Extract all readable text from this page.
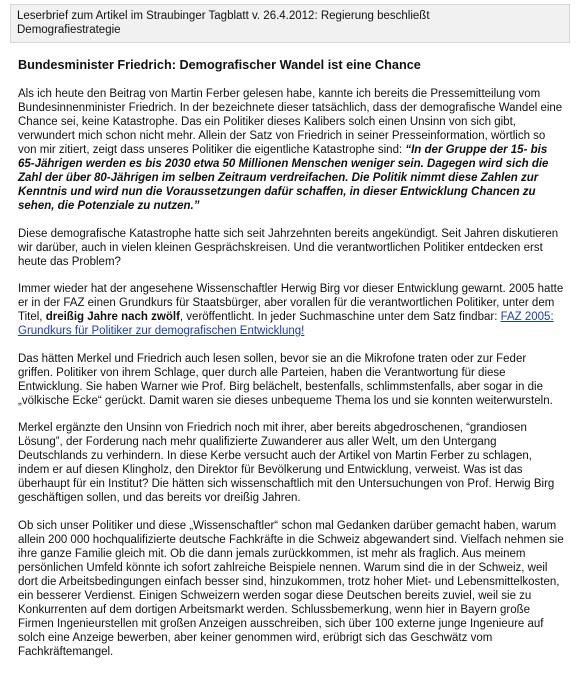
Leserbrief zum Artikel im Straubinger Tagblatt v. 26.4.2012: Regierung beschließt

Demografiestrategie

Bundesminister Friedrich: Demografischer Wandel ist eine Chance

Als ich heute den Beitrag von Martin Ferber gelesen habe, kannte ich bereits die Pressemitteilung vom Bundesinnenminister Friedrich. In der bezeichnete dieser tatsächlich, dass der demografische Wandel eine Chance sei, keine Katastrophe. Das ein Politiker dieses Kalibers solch einen Unsinn von sich gibt, verwundert mich schon nicht mehr. Allein der Satz von Friedrich in seiner Presseinformation, wörtlich so von mir zitiert, zeigt dass unseres Politiker die eigentliche Katastrophe sind: “In der Gruppe der 15- bis 65-Jährigen werden es bis 2030 etwa 50 Millionen Menschen weniger sein. Dagegen wird sich die Zahl der über 80-Jährigen im selben Zeitraum verdreifachen. Die Politik nimmt diese Zahlen zur Kenntnis und wird nun die Voraussetzungen dafür schaffen, in dieser Entwicklung Chancen zu sehen, die Potenziale zu nutzen.”

Diese demografische Katastrophe hatte sich seit Jahrzehnten bereits angekündigt. Seit Jahren diskutieren wir darüber, auch in vielen kleinen Gesprächskreisen. Und die verantwortlichen Politiker entdecken erst heute das Problem?

Immer wieder hat der angesehene Wissenschaftler Herwig Birg vor dieser Entwicklung gewarnt. 2005 hatte er in der FAZ einen Grundkurs für Staatsbürger, aber vorallen für die verantwortlichen Politiker, unter dem Titel, dreißig Jahre nach zwölf, veröffentlicht. In jeder Suchmaschine unter dem Satz findbar: FAZ 2005: Grundkurs für Politiker zur demografischen Entwicklung!

Das hätten Merkel und Friedrich auch lesen sollen, bevor sie an die Mikrofone traten oder zur Feder griffen. Politiker von ihrem Schlage, quer durch alle Parteien, haben die Verantwortung für diese Entwicklung. Sie haben Warner wie Prof. Birg belächelt, bestenfalls, schlimmstenfalls, aber sogar in die „völkische Ecke“ gerückt. Damit waren sie dieses unbequeme Thema los und sie konnten weiterwursteln.

Merkel ergänzte den Unsinn von Friedrich noch mit ihrer, aber bereits abgedroschenen, “grandiosen Lösung”, der Forderung nach mehr qualifizierte Zuwanderer aus aller Welt, um den Untergang Deutschlands zu verhindern. In diese Kerbe versucht auch der Artikel von Martin Ferber zu schlagen, indem er auf diesen Klingholz, den Direktor für Bevölkerung und Entwicklung, verweist. Was ist das überhaupt für ein Institut? Die hätten sich wissenschaftlich mit den Untersuchungen von Prof. Herwig Birg geschäftigen sollen, und das bereits vor dreißig Jahren.

Ob sich unser Politiker und diese „Wissenschaftler“ schon mal Gedanken darüber gemacht haben, warum allein 200 000 hochqualifizierte deutsche Fachkräfte in die Schweiz abgewandert sind. Vielfach nehmen sie ihre ganze Familie gleich mit. Ob die dann jemals zurückkommen, ist mehr als fraglich. Aus meinem persönlichen Umfeld könnte ich sofort zahlreiche Beispiele nennen. Warum sind die in der Schweiz, weil dort die Arbeitsbedingungen einfach besser sind, hinzukommen, trotz hoher Miet- und Lebensmittelkosten, ein besserer Verdienst. Einigen Schweizern werden sogar diese Deutschen bereits zuviel, weil sie zu Konkurrenten auf dem dortigen Arbeitsmarkt werden. Schlussbemerkung, wenn hier in Bayern große Firmen Ingenieurstellen mit großen Anzeigen ausschreiben, sich über 100 externe junge Ingenieure auf solch eine Anzeige bewerben, aber keiner genommen wird, erübrigt sich das Geschwätz vom Fachkräftemangel.
